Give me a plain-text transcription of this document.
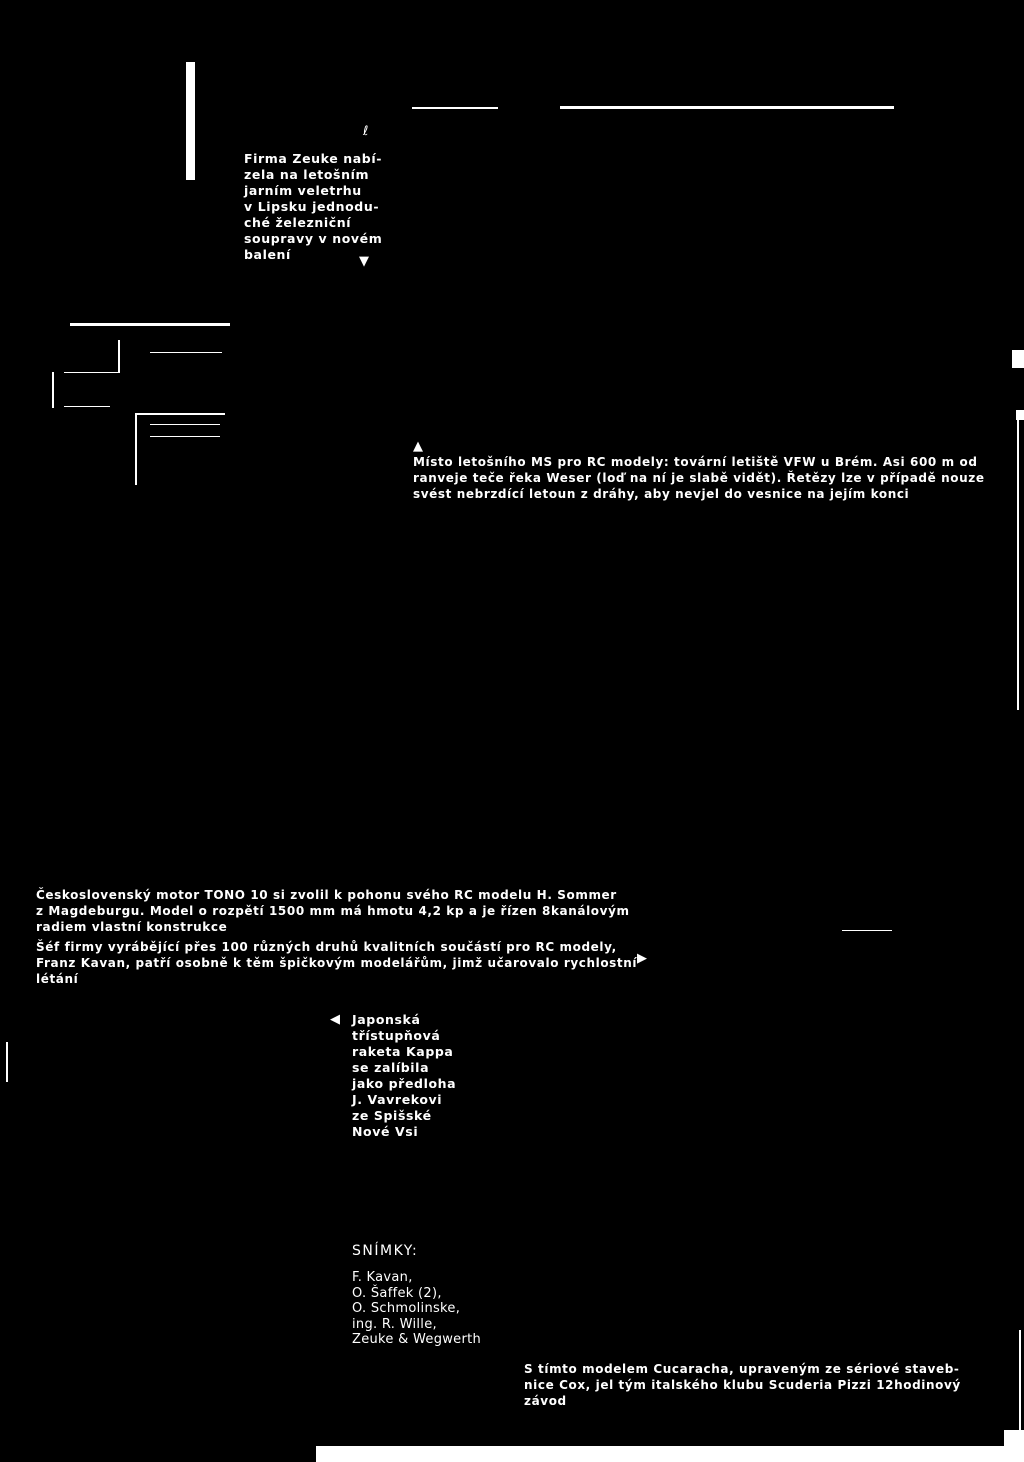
ℓ
Firma Zeuke nabí-
zela na letošním
jarním veletrhu
v Lipsku jednodu-
ché železniční
soupravy v novém
balení	▼
▲
Místo letošního MS pro RC modely: tovární letiště VFW u Brém. Asi 600 m od
ranveje teče řeka Weser (loď na ní je slabě vidět). Řetězy lze v případě nouze
svést nebrzdící letoun z dráhy, aby nevjel do vesnice na jejím konci
Československý motor TONO 10 si zvolil k pohonu svého RC modelu H. Sommer
z Magdeburgu. Model o rozpětí 1500 mm má hmotu 4,2 kp a je řízen 8kanálovým
radiem vlastní konstrukce
Šéf firmy vyrábějící přes 100 různých druhů kvalitních součástí pro RC modely,
Franz Kavan, patří osobně k těm špičkovým modelářům, jimž učarovalo rychlostní
létání
▶
◀ Japonská
třístupňová
raketa Kappa
se zalíbila
jako předloha
J. Vavrekovi
ze Spišské
Nové Vsi
SNÍMKY:
F. Kavan,
O. Šaffek (2),
O. Schmolinske,
ing. R. Wille,
Zeuke & Wegwerth
S tímto modelem Cucaracha, upraveným ze sériové staveb-
nice Cox, jel tým italského klubu Scuderia Pizzi 12hodinový
závod
